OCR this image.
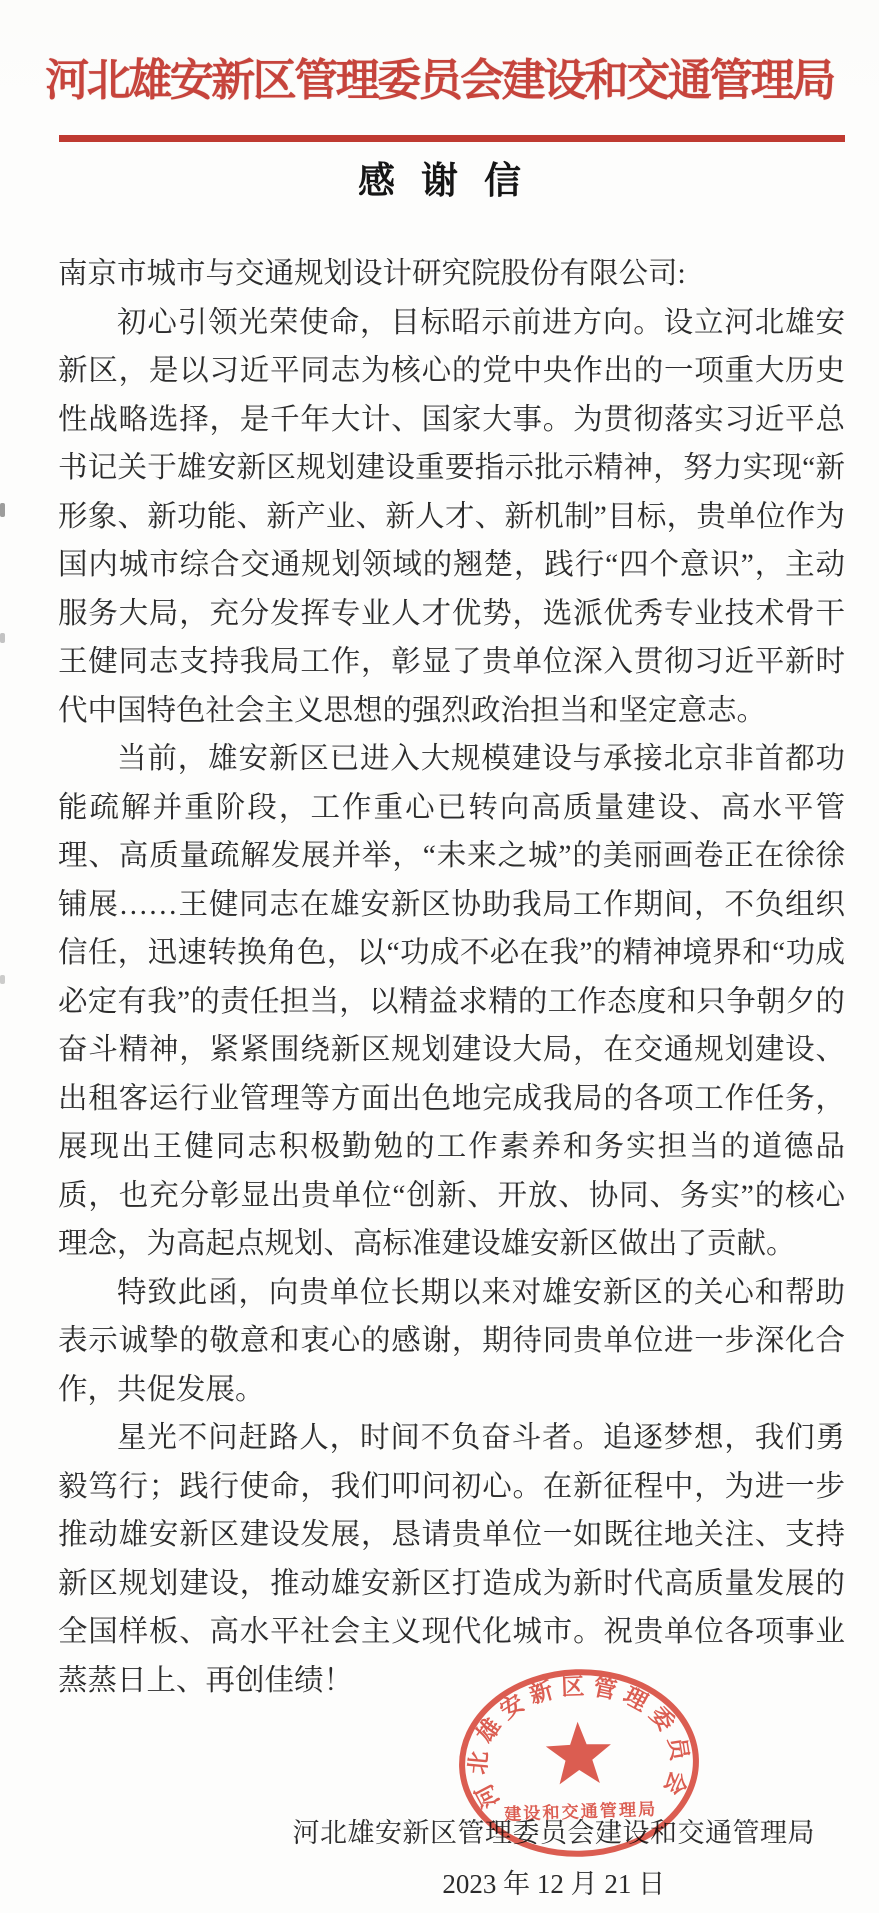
河北雄安新区管理委员会建设和交通管理局
感谢信

南京市城市与交通规划设计研究院股份有限公司:

初心引领光荣使命，目标昭示前进方向。设立河北雄安新区，是以习近平同志为核心的党中央作出的一项重大历史性战略选择，是千年大计、国家大事。为贯彻落实习近平总书记关于雄安新区规划建设重要指示批示精神，努力实现“新形象、新功能、新产业、新人才、新机制”目标，贵单位作为国内城市综合交通规划领域的翘楚，践行“四个意识”，主动服务大局，充分发挥专业人才优势，选派优秀专业技术骨干王健同志支持我局工作，彰显了贵单位深入贯彻习近平新时代中国特色社会主义思想的强烈政治担当和坚定意志。

当前，雄安新区已进入大规模建设与承接北京非首都功能疏解并重阶段，工作重心已转向高质量建设、高水平管理、高质量疏解发展并举，“未来之城”的美丽画卷正在徐徐铺展……王健同志在雄安新区协助我局工作期间，不负组织信任，迅速转换角色，以“功成不必在我”的精神境界和“功成必定有我”的责任担当，以精益求精的工作态度和只争朝夕的奋斗精神，紧紧围绕新区规划建设大局，在交通规划建设、出租客运行业管理等方面出色地完成我局的各项工作任务，展现出王健同志积极勤勉的工作素养和务实担当的道德品质，也充分彰显出贵单位“创新、开放、协同、务实”的核心理念，为高起点规划、高标准建设雄安新区做出了贡献。

特致此函，向贵单位长期以来对雄安新区的关心和帮助表示诚挚的敬意和衷心的感谢，期待同贵单位进一步深化合作，共促发展。

星光不问赶路人，时间不负奋斗者。追逐梦想，我们勇毅笃行；践行使命，我们叩问初心。在新征程中，为进一步推动雄安新区建设发展，恳请贵单位一如既往地关注、支持新区规划建设，推动雄安新区打造成为新时代高质量发展的全国样板、高水平社会主义现代化城市。祝贵单位各项事业蒸蒸日上、再创佳绩！

河北雄安新区管理委员会建设和交通管理局
2023 年 12 月 21 日
河北雄安新区管理委员会
建设和交通管理局
